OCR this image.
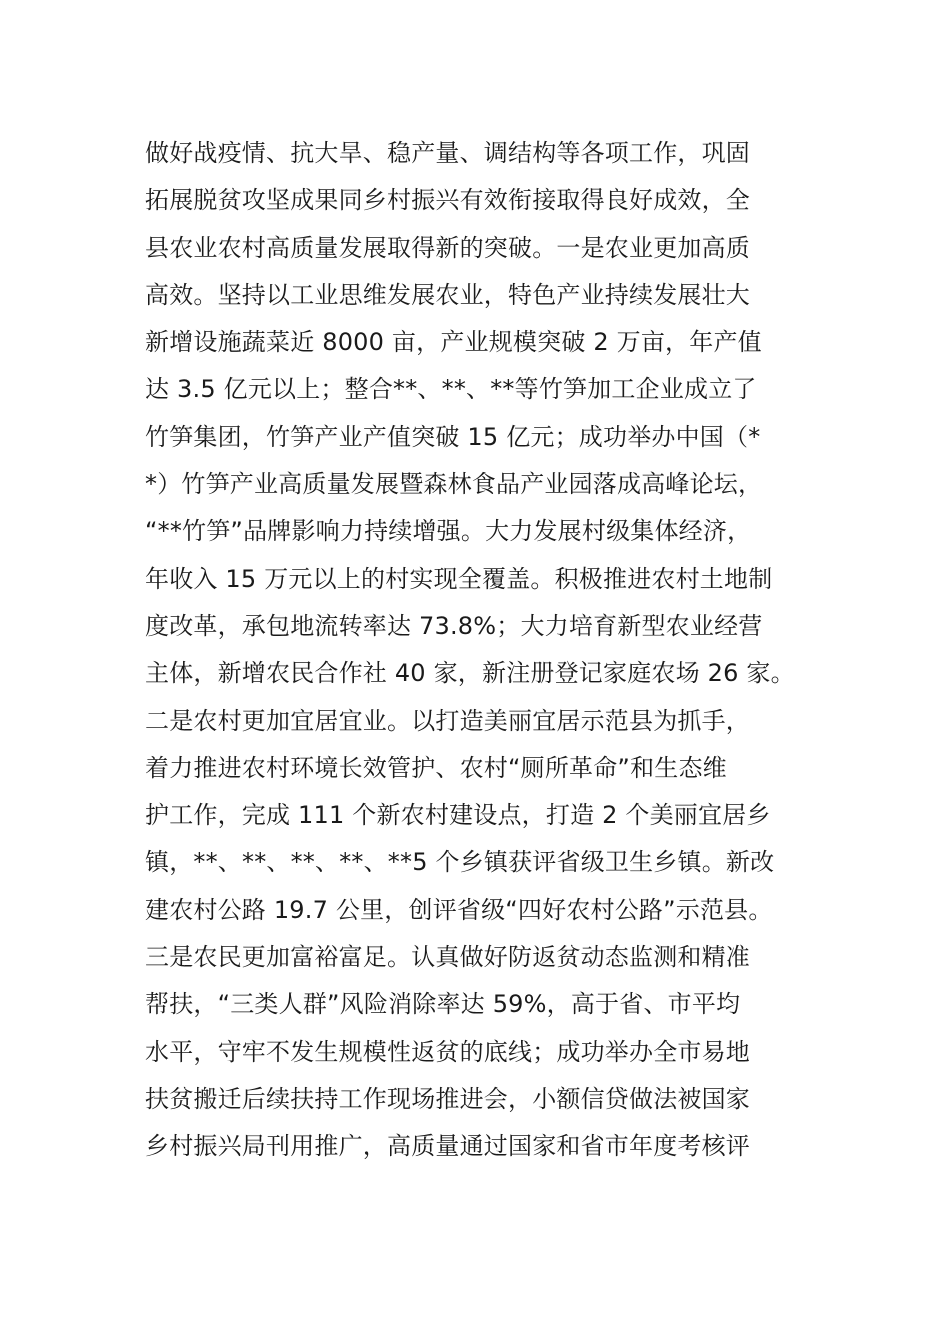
做好战疫情、抗大旱、稳产量、调结构等各项工作，巩固
拓展脱贫攻坚成果同乡村振兴有效衔接取得良好成效，全
县农业农村高质量发展取得新的突破。一是农业更加高质
高效。坚持以工业思维发展农业，特色产业持续发展壮大
新增设施蔬菜近 8000 亩，产业规模突破 2 万亩，年产值
达 3.5 亿元以上；整合**、**、**等竹笋加工企业成立了
竹笋集团，竹笋产业产值突破 15 亿元；成功举办中国（*
*）竹笋产业高质量发展暨森林食品产业园落成高峰论坛，
“**竹笋”品牌影响力持续增强。大力发展村级集体经济，
年收入 15 万元以上的村实现全覆盖。积极推进农村土地制
度改革，承包地流转率达 73.8%；大力培育新型农业经营
主体，新增农民合作社 40 家，新注册登记家庭农场 26 家。
二是农村更加宜居宜业。以打造美丽宜居示范县为抓手，
着力推进农村环境长效管护、农村“厕所革命”和生态维
护工作，完成 111 个新农村建设点，打造 2 个美丽宜居乡
镇，**、**、**、**、**5 个乡镇获评省级卫生乡镇。新改
建农村公路 19.7 公里，创评省级“四好农村公路”示范县。
三是农民更加富裕富足。认真做好防返贫动态监测和精准
帮扶，“三类人群”风险消除率达 59%，高于省、市平均
水平，守牢不发生规模性返贫的底线；成功举办全市易地
扶贫搬迁后续扶持工作现场推进会，小额信贷做法被国家
乡村振兴局刊用推广，高质量通过国家和省市年度考核评
